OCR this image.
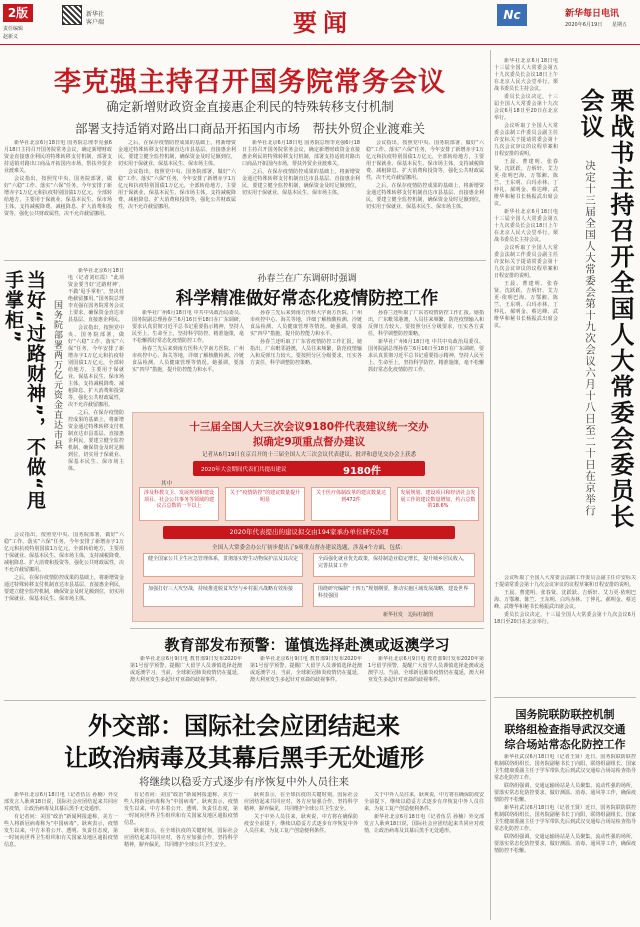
2版
责任编辑
赵新义
新华社
客户端	要闻	Nc	新华每日电讯
2020年6月19日 星期五
李克强主持召开国务院常务会议
确定新增财政资金直接惠企利民的特殊转移支付机制
部署支持适销对路出口商品开拓国内市场　帮扶外贸企业渡难关

新华社北京6月18日电 国务院总理李克强6月18日主持召开国务院常务会议，确定新增财政资金直接惠企利民的特殊转移支付机制，部署支持适销对路出口商品开拓国内市场，帮扶外贸企业渡难关。

会议指出，按照党中央、国务院部署，做好“六稳”工作、落实“六保”任务，今年安排了新增赤字1万亿元和抗疫特别国债1万亿元，全部转给地方，主要用于保就业、保基本民生、保市场主体，支持减税降费、减租降息、扩大消费和投资等，强化公共财政属性，决不允许截留挪用。

之后，在保存疫情防控成果的基础上，将新增资金通过特殊转移支付机制直达市县基层、直接惠企利民，要建立健全监控机制，确保资金及时足额到位，切实用于保就业、保基本民生、保市场主体。

会议指出，按照党中央、国务院部署，做好“六稳”工作、落实“六保”任务，今年安排了新增赤字1万亿元和抗疫特别国债1万亿元，全部转给地方，主要用于保就业、保基本民生、保市场主体，支持减税降费、减租降息、扩大消费和投资等，强化公共财政属性，决不允许截留挪用。

新华社北京6月18日电 国务院总理李克强6月18日主持召开国务院常务会议，确定新增财政资金直接惠企利民的特殊转移支付机制，部署支持适销对路出口商品开拓国内市场，帮扶外贸企业渡难关。

之后，在保存疫情防控成果的基础上，将新增资金通过特殊转移支付机制直达市县基层、直接惠企利民，要建立健全监控机制，确保资金及时足额到位，切实用于保就业、保基本民生、保市场主体。

会议指出，按照党中央、国务院部署，做好“六稳”工作、落实“六保”任务，今年安排了新增赤字1万亿元和抗疫特别国债1万亿元，全部转给地方，主要用于保就业、保基本民生、保市场主体，支持减税降费、减租降息、扩大消费和投资等，强化公共财政属性，决不允许截留挪用。

之后，在保存疫情防控成果的基础上，将新增资金通过特殊转移支付机制直达市县基层、直接惠企利民，要建立健全监控机制，确保资金及时足额到位，切实用于保就业、保基本民生、保市场主体。

当好“过路财神”，不做“甩手掌柜”	国务院部署两万亿元资金直达市县

新华社北京6月18日电（记者刘红霞）“此项资金要当好‘过路财神’，不做‘甩手掌柜’，坚决杜绝截留挪用。”国务院总理李克强在国务院常务会议上要求，确保资金直达市县基层、直接惠企利民。

会议指出，按照党中央、国务院部署，做好“六稳”工作、落实“六保”任务，今年安排了新增赤字1万亿元和抗疫特别国债1万亿元，全部转给地方，主要用于保就业、保基本民生、保市场主体，支持减税降费、减租降息、扩大消费和投资等，强化公共财政属性，决不允许截留挪用。

之后，在保存疫情防控成果的基础上，将新增资金通过特殊转移支付机制直达市县基层、直接惠企利民，要建立健全监控机制，确保资金及时足额到位，切实用于保就业、保基本民生、保市场主体。

会议指出，按照党中央、国务院部署，做好“六稳”工作、落实“六保”任务，今年安排了新增赤字1万亿元和抗疫特别国债1万亿元，全部转给地方，主要用于保就业、保基本民生、保市场主体，支持减税降费、减租降息、扩大消费和投资等，强化公共财政属性，决不允许截留挪用。

之后，在保存疫情防控成果的基础上，将新增资金通过特殊转移支付机制直达市县基层、直接惠企利民，要建立健全监控机制，确保资金及时足额到位，切实用于保就业、保基本民生、保市场主体。

孙春兰在广东调研时强调
科学精准做好常态化疫情防控工作

新华社广州6月18日电 中共中央政治局委员、国务院副总理孙春兰6月16日至18日在广东调研，要求认真贯彻习近平总书记重要指示精神，坚持人民至上、生命至上，坚持科学防控、精准施策，毫不松懈抓好常态化疫情防控工作。

孙春兰先后来到南方医科大学南方医院、广州市疾控中心、海关等地，详细了解核酸检测、冷链食品检测、人员健康管理等情况。她强调，要落实“四早”措施，提升防控能力和水平。

孙春兰先后来到南方医科大学南方医院、广州市疾控中心、海关等地，详细了解核酸检测、冷链食品检测、人员健康管理等情况。她强调，要落实“四早”措施，提升防控能力和水平。

孙春兰还听取了广东省疫情防控工作汇报。她指出，广东毗邻港澳，人员往来频繁，防范疫情输入和反弹压力较大。要按照分区分级要求，压实各方责任，科学调整防控策略。

孙春兰还听取了广东省疫情防控工作汇报。她指出，广东毗邻港澳，人员往来频繁，防范疫情输入和反弹压力较大。要按照分区分级要求，压实各方责任，科学调整防控策略。

新华社广州6月18日电 中共中央政治局委员、国务院副总理孙春兰6月16日至18日在广东调研，要求认真贯彻习近平总书记重要指示精神，坚持人民至上、生命至上，坚持科学防控、精准施策，毫不松懈抓好常态化疫情防控工作。

十三届全国人大三次会议9180件代表建议统一交办
拟确定9项重点督办建议
记者从6月19日在京召开的十三届全国人大三次会议代表建议、批评和意见交办会上获悉
2020年大会期间代表们共提出建议	9180件
其中
涉及科教文卫、发展规划和建设项目、社会公共事务等领域的建议占总数的一半以上
关于“疫情防控”的建议数量提升明显
关于医疗体制改革的建议数量达到472件
发展规划、建设项目和经济社会发展工作的建议数量增加，约占总数的18.6%
2020年代表提出的建议拟交由194家承办单位研究办理
全国人大常委会办公厅初步提出了9项重点督办建议选题，涉及4个方面，包括：
健全国家公共卫生应急管理体系，贯彻落实野生动物保护法及其决定	全面强化就业优先政策，保持制造业稳定增长，提升城乡居民收入，完善扶贫工作
加强打好三大攻坚战，持续推进脱贫攻坚与乡村振兴战略有效衔接	围绕研究编制“十四五”规划纲要，推动实施区域发展战略，建设世界科技强国
新华社发　边际杠制图
教育部发布预警：谨慎选择赴澳或返澳学习

新华社北京6月9日电 教育部9日发布2020年第1号留学预警，提醒广大留学人员谨慎选择赴澳或返澳学习。当前，全球新冠肺炎疫情仍在蔓延，澳大利亚发生多起针对亚裔的歧视事件。

新华社北京6月9日电 教育部9日发布2020年第1号留学预警，提醒广大留学人员谨慎选择赴澳或返澳学习。当前，全球新冠肺炎疫情仍在蔓延，澳大利亚发生多起针对亚裔的歧视事件。

新华社北京6月9日电 教育部9日发布2020年第1号留学预警，提醒广大留学人员谨慎选择赴澳或返澳学习。当前，全球新冠肺炎疫情仍在蔓延，澳大利亚发生多起针对亚裔的歧视事件。

外交部：国际社会应团结起来
让政治病毒及其幕后黑手无处遁形
将继续以稳妥方式逐步有序恢复中外人员往来

新华社北京6月18日电（记者伍岳 孙楠）外交部发言人耿爽18日说，国际社会应团结起来共同应对疫情，让政治病毒及其幕后黑手无处遁形。

有记者问：美国“政治”新闻网报道称，美方一些人将新冠病毒称为“中国病毒”。耿爽表示，疫情发生以来，中方本着公开、透明、负责任态度，第一时间向世界卫生组织和有关国家及地区通报疫情信息。

有记者问：美国“政治”新闻网报道称，美方一些人将新冠病毒称为“中国病毒”。耿爽表示，疫情发生以来，中方本着公开、透明、负责任态度，第一时间向世界卫生组织和有关国家及地区通报疫情信息。

耿爽表示，在全球抗疫的关键时刻，国际社会应团结起来共同应对，各方应加强合作，坚持科学精神，摒弃偏见，共同维护全球公共卫生安全。

耿爽表示，在全球抗疫的关键时刻，国际社会应团结起来共同应对，各方应加强合作，坚持科学精神，摒弃偏见，共同维护全球公共卫生安全。

关于中外人员往来，耿爽说，中方将在确保防疫安全前提下，继续以稳妥方式逐步有序恢复中外人员往来，为复工复产创造便利条件。

关于中外人员往来，耿爽说，中方将在确保防疫安全前提下，继续以稳妥方式逐步有序恢复中外人员往来，为复工复产创造便利条件。

新华社北京6月18日电（记者伍岳 孙楠）外交部发言人耿爽18日说，国际社会应团结起来共同应对疫情，让政治病毒及其幕后黑手无处遁形。

新华社北京6月18日电 十三届全国人大常委会第五十九次委员长会议18日上午在北京人民大会堂举行。栗战书委员长主持会议。

委员长会议决定，十三届全国人大常委会第十九次会议6月18日至20日在北京举行。

会议听取了全国人大常委会法制工作委员会副主任许安标关于提请常委会第十九次会议审议的议程草案和日程安排的说明。

王晨、曹建明、张春贤、沈跃跃、吉炳轩、艾力更·依明巴海、万鄂湘、陈竺、王东明、白玛赤林、丁仲礼、郝明金、蔡达峰、武维华和秘书长杨振武出席会议。

新华社北京6月18日电 十三届全国人大常委会第五十九次委员长会议18日上午在北京人民大会堂举行。栗战书委员长主持会议。

会议听取了全国人大常委会法制工作委员会副主任许安标关于提请常委会第十九次会议审议的议程草案和日程安排的说明。

王晨、曹建明、张春贤、沈跃跃、吉炳轩、艾力更·依明巴海、万鄂湘、陈竺、王东明、白玛赤林、丁仲礼、郝明金、蔡达峰、武维华和秘书长杨振武出席会议。	栗战书主持召开全国人大常委会委员长会议
决定十三届全国人大常委会第十九次会议六月十八日至二十日在京举行

会议听取了全国人大常委会法制工作委员会副主任许安标关于提请常委会第十九次会议审议的议程草案和日程安排的说明。

王晨、曹建明、张春贤、沈跃跃、吉炳轩、艾力更·依明巴海、万鄂湘、陈竺、王东明、白玛赤林、丁仲礼、郝明金、蔡达峰、武维华和秘书长杨振武出席会议。

委员长会议决定，十三届全国人大常委会第十九次会议6月18日至20日在北京举行。

国务院联防联控机制
联络组检查指导武汉交通
综合场站常态化防控工作

新华社武汉6月18日电（记者王贤）近日，国务院联防联控机制联络组组长、国务院副秘书长丁向阳，联络组副组长、国家卫生健康委副主任于学军带队先后到武汉交通综合场站检查指导常态化防控工作。

联络组强调，交通运输场站是人员聚集、流动性强的场所，要落实常态化防控要求，做好测温、消毒、通风等工作，确保疫情防控不松懈。

新华社武汉6月18日电（记者王贤）近日，国务院联防联控机制联络组组长、国务院副秘书长丁向阳，联络组副组长、国家卫生健康委副主任于学军带队先后到武汉交通综合场站检查指导常态化防控工作。

联络组强调，交通运输场站是人员聚集、流动性强的场所，要落实常态化防控要求，做好测温、消毒、通风等工作，确保疫情防控不松懈。
